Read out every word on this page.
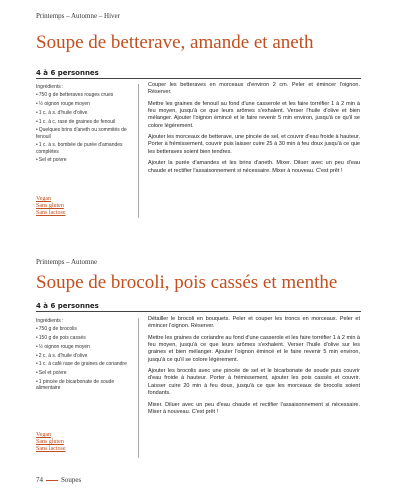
Printemps – Automne – Hiver
Soupe de betterave, amande et aneth
4 à 6 personnes
Ingrédients :
• 750 g de betteraves rouges crues
• ½ oignon rouge moyen
• 1 c. à s. d'huile d'olive
• 1 c. à c. rase de graines de fenouil
• Quelques brins d'aneth ou sommités de fenouil
• 1 c. à s. bombée de purée d'amandes complètes
• Sel et poivre
Vegan
Sans gluten
Sans lactose

Couper les betteraves en morceaux d'environ 2 cm. Peler et émincer l'oignon. Réserver.

Mettre les graines de fenouil au fond d'une casserole et les faire torréfier 1 à 2 min à feu moyen, jusqu'à ce que leurs arômes s'exhalent. Verser l'huile d'olive et bien mélanger. Ajouter l'oignon émincé et le faire revenir 5 min environ, jusqu'à ce qu'il se colore légèrement.

Ajouter les morceaux de betterave, une pincée de sel, et couvrir d'eau froide à hauteur. Porter à frémissement, couvrir puis laisser cuire 25 à 30 min à feu doux jusqu'à ce que les betteraves soient bien tendres.

Ajouter la purée d'amandes et les brins d'aneth. Mixer. Diluer avec un peu d'eau chaude et rectifier l'assaisonnement si nécessaire. Mixer à nouveau. C'est prêt !

Printemps – Automne
Soupe de brocoli, pois cassés et menthe
4 à 6 personnes
Ingrédients :
• 750 g de brocolis
• 150 g de pois cassés
• ½ oignon rouge moyen
• 2 c. à s. d'huile d'olive
• 1 c. à café rase de graines de coriandre
• Sel et poivre
• 1 pincée de bicarbonate de soude alimentaire
Vegan
Sans gluten
Sans lactose

Détailler le brocoli en bouquets. Peler et couper les troncs en morceaux. Peler et émincer l'oignon. Réserver.

Mettre les graines de coriandre au fond d'une casserole et les faire torréfier 1 à 2 min à feu moyen, jusqu'à ce que leurs arômes s'exhalent. Verser l'huile d'olive sur les graines et bien mélanger. Ajouter l'oignon émincé et le faire revenir 5 min environ, jusqu'à ce qu'il se colore légèrement.

Ajouter les brocolis avec une pincée de sel et le bicarbonate de soude puis couvrir d'eau froide à hauteur. Porter à frémissement, ajouter les pois cassés et couvrir. Laisser cuire 20 min à feu doux, jusqu'à ce que les morceaux de brocolis soient fondants.

Mixer. Diluer avec un peu d'eau chaude et rectifier l'assaisonnement si nécessaire. Mixer à nouveau. C'est prêt !

74	Soupes
